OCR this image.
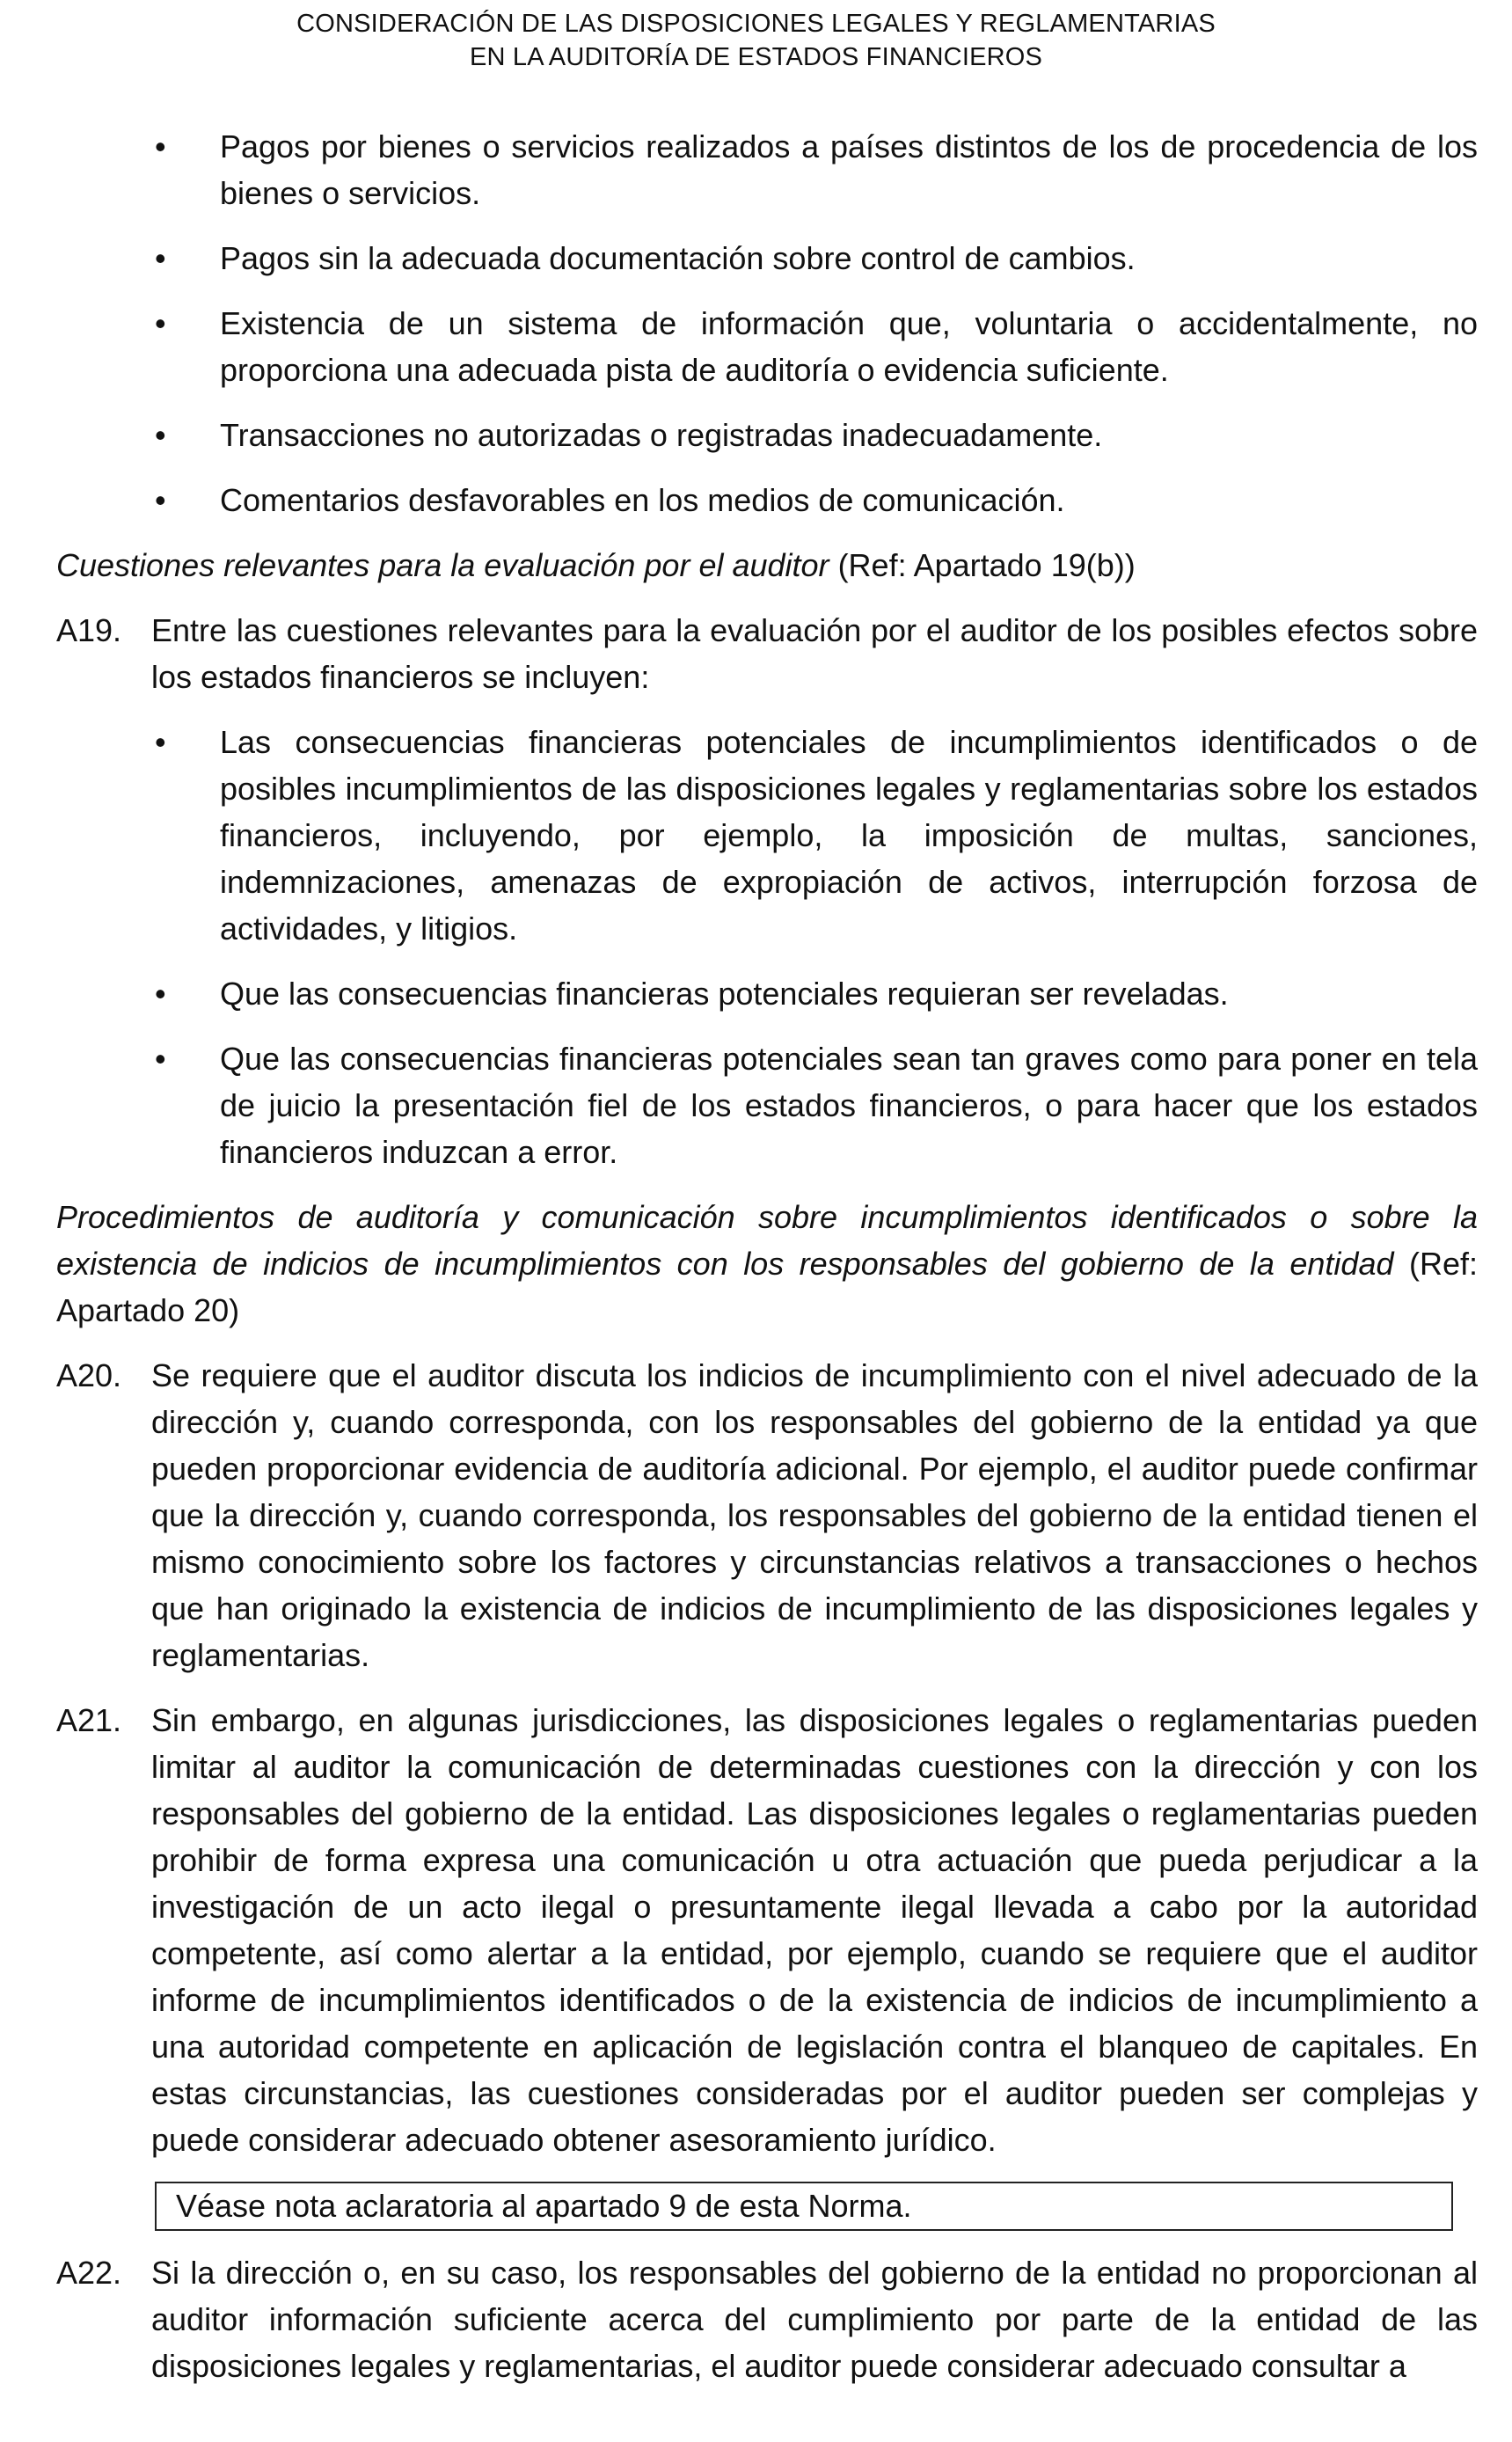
CONSIDERACIÓN DE LAS DISPOSICIONES LEGALES Y REGLAMENTARIAS
EN LA AUDITORÍA DE ESTADOS FINANCIEROS
• Pagos por bienes o servicios realizados a países distintos de los de procedencia de los bienes o servicios.
• Pagos sin la adecuada documentación sobre control de cambios.
• Existencia de un sistema de información que, voluntaria o accidentalmente, no proporciona una adecuada pista de auditoría o evidencia suficiente.
• Transacciones no autorizadas o registradas inadecuadamente.
• Comentarios desfavorables en los medios de comunicación.
Cuestiones relevantes para la evaluación por el auditor (Ref: Apartado 19(b))
A19. Entre las cuestiones relevantes para la evaluación por el auditor de los posibles efectos sobre los estados financieros se incluyen:
• Las consecuencias financieras potenciales de incumplimientos identificados o de posibles incumplimientos de las disposiciones legales y reglamentarias sobre los estados financieros, incluyendo, por ejemplo, la imposición de multas, sanciones, indemnizaciones, amenazas de expropiación de activos, interrupción forzosa de actividades, y litigios.
• Que las consecuencias financieras potenciales requieran ser reveladas.
• Que las consecuencias financieras potenciales sean tan graves como para poner en tela de juicio la presentación fiel de los estados financieros, o para hacer que los estados financieros induzcan a error.
Procedimientos de auditoría y comunicación sobre incumplimientos identificados o sobre la existencia de indicios de incumplimientos con los responsables del gobierno de la entidad (Ref: Apartado 20)
A20. Se requiere que el auditor discuta los indicios de incumplimiento con el nivel adecuado de la dirección y, cuando corresponda, con los responsables del gobierno de la entidad ya que pueden proporcionar evidencia de auditoría adicional. Por ejemplo, el auditor puede confirmar que la dirección y, cuando corresponda, los responsables del gobierno de la entidad tienen el mismo conocimiento sobre los factores y circunstancias relativos a transacciones o hechos que han originado la existencia de indicios de incumplimiento de las disposiciones legales y reglamentarias.
A21. Sin embargo, en algunas jurisdicciones, las disposiciones legales o reglamentarias pueden limitar al auditor la comunicación de determinadas cuestiones con la dirección y con los responsables del gobierno de la entidad. Las disposiciones legales o reglamentarias pueden prohibir de forma expresa una comunicación u otra actuación que pueda perjudicar a la investigación de un acto ilegal o presuntamente ilegal llevada a cabo por la autoridad competente, así como alertar a la entidad, por ejemplo, cuando se requiere que el auditor informe de incumplimientos identificados o de la existencia de indicios de incumplimiento a una autoridad competente en aplicación de legislación contra el blanqueo de capitales. En estas circunstancias, las cuestiones consideradas por el auditor pueden ser complejas y puede considerar adecuado obtener asesoramiento jurídico.
Véase nota aclaratoria al apartado 9 de esta Norma.
A22. Si la dirección o, en su caso, los responsables del gobierno de la entidad no proporcionan al auditor información suficiente acerca del cumplimiento por parte de la entidad de las disposiciones legales y reglamentarias, el auditor puede considerar adecuado consultar a
